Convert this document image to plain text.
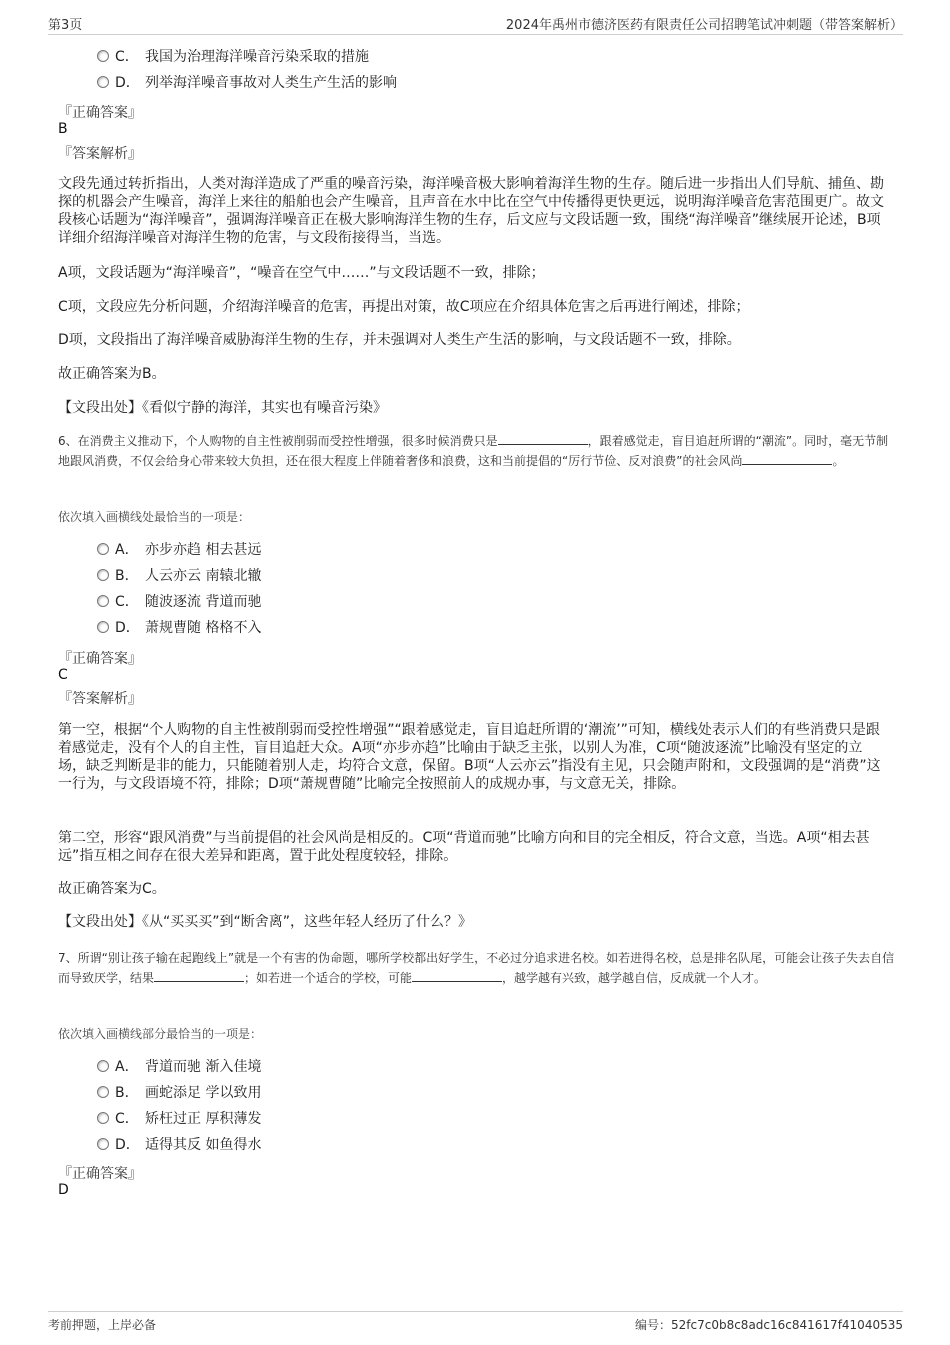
第3页	2024年禹州市德济医药有限责任公司招聘笔试冲刺题（带答案解析）
C． 我国为治理海洋噪音污染采取的措施
D． 列举海洋噪音事故对人类生产生活的影响
『正确答案』
B
『答案解析』
文段先通过转折指出，人类对海洋造成了严重的噪音污染，海洋噪音极大影响着海洋生物的生存。随后进一步指出人们导航、捕鱼、勘探的机器会产生噪音，海洋上来往的船舶也会产生噪音，且声音在水中比在空气中传播得更快更远，说明海洋噪音危害范围更广。故文段核心话题为“海洋噪音”，强调海洋噪音正在极大影响海洋生物的生存，后文应与文段话题一致，围绕“海洋噪音”继续展开论述，B项详细介绍海洋噪音对海洋生物的危害，与文段衔接得当，当选。
A项，文段话题为“海洋噪音”，“噪音在空气中……”与文段话题不一致，排除；
C项，文段应先分析问题，介绍海洋噪音的危害，再提出对策，故C项应在介绍具体危害之后再进行阐述，排除；
D项，文段指出了海洋噪音威胁海洋生物的生存，并未强调对人类生产生活的影响，与文段话题不一致，排除。
故正确答案为B。
【文段出处】《看似宁静的海洋，其实也有噪音污染》
6、在消费主义推动下，个人购物的自主性被削弱而受控性增强，很多时候消费只是	，跟着感觉走，盲目追赶所谓的“潮流”。同时，毫无节制地跟风消费，不仅会给身心带来较大负担，还在很大程度上伴随着奢侈和浪费，这和当前提倡的“厉行节俭、反对浪费”的社会风尚	。
依次填入画横线处最恰当的一项是：
A． 亦步亦趋 相去甚远
B． 人云亦云 南辕北辙
C． 随波逐流 背道而驰
D． 萧规曹随 格格不入
『正确答案』
C
『答案解析』
第一空，根据“个人购物的自主性被削弱而受控性增强”“跟着感觉走，盲目追赶所谓的‘潮流’”可知，横线处表示人们的有些消费只是跟着感觉走，没有个人的自主性，盲目追赶大众。A项“亦步亦趋”比喻由于缺乏主张，以别人为准，C项“随波逐流”比喻没有坚定的立场，缺乏判断是非的能力，只能随着别人走，均符合文意，保留。B项“人云亦云”指没有主见，只会随声附和，文段强调的是“消费”这一行为，与文段语境不符，排除；D项“萧规曹随”比喻完全按照前人的成规办事，与文意无关，排除。
第二空，形容“跟风消费”与当前提倡的社会风尚是相反的。C项“背道而驰”比喻方向和目的完全相反，符合文意，当选。A项“相去甚远”指互相之间存在很大差异和距离，置于此处程度较轻，排除。
故正确答案为C。
【文段出处】《从“买买买”到“断舍离”，这些年轻人经历了什么？》
7、所谓“别让孩子输在起跑线上”就是一个有害的伪命题，哪所学校都出好学生，不必过分追求进名校。如若进得名校，总是排名队尾，可能会让孩子失去自信而导致厌学，结果	；如若进一个适合的学校，可能	，越学越有兴致，越学越自信，反成就一个人才。
依次填入画横线部分最恰当的一项是：
A． 背道而驰 渐入佳境
B． 画蛇添足 学以致用
C． 矫枉过正 厚积薄发
D． 适得其反 如鱼得水
『正确答案』
D
考前押题，上岸必备	编号：52fc7c0b8c8adc16c841617f41040535
